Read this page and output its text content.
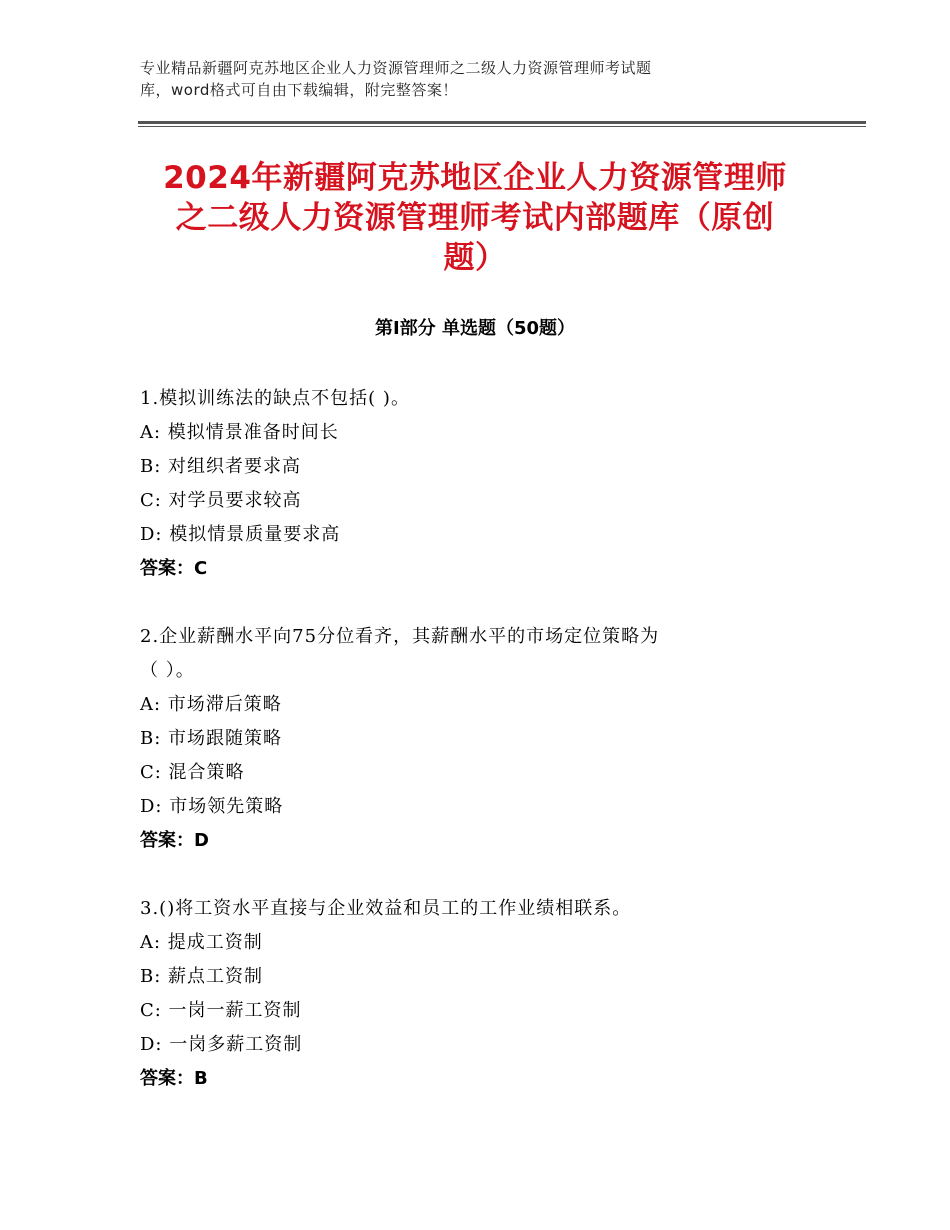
专业精品新疆阿克苏地区企业人力资源管理师之二级人力资源管理师考试题
库，word格式可自由下载编辑，附完整答案！
2024年新疆阿克苏地区企业人力资源管理师
之二级人力资源管理师考试内部题库（原创
题）
第Ⅰ部分 单选题（50题）
1.模拟训练法的缺点不包括( )。
A: 模拟情景准备时间长
B: 对组织者要求高
C: 对学员要求较高
D: 模拟情景质量要求高
答案：C
2.企业薪酬水平向75分位看齐，其薪酬水平的市场定位策略为
（ ）。
A: 市场滞后策略
B: 市场跟随策略
C: 混合策略
D: 市场领先策略
答案：D
3.()将工资水平直接与企业效益和员工的工作业绩相联系。
A: 提成工资制
B: 薪点工资制
C: 一岗一薪工资制
D: 一岗多薪工资制
答案：B
